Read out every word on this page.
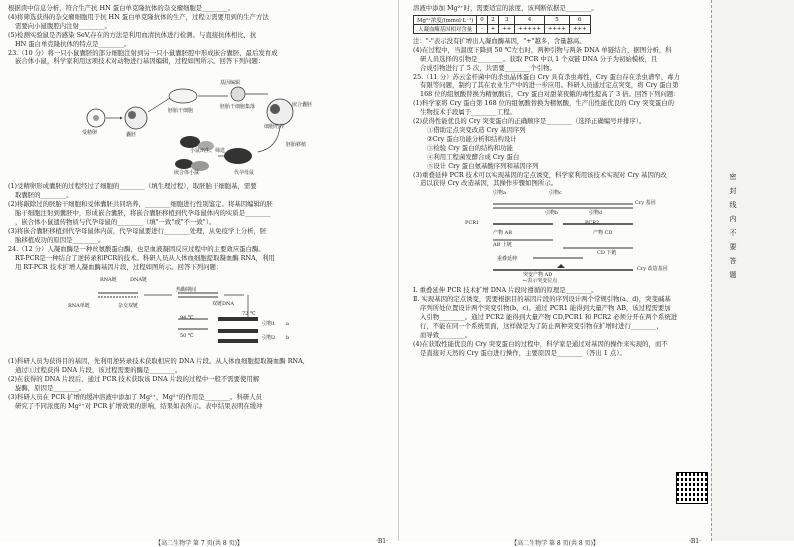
根据读中信息分析，符合生产抗 HN 蛋白单克隆抗体的杂交瘤细胞是________。

(4)将筛选获得的杂交瘤细胞用于抗 HN 蛋白单克隆抗体的生产，过程②需要用到的生产方法

需要向小鼠腹腔内注射________。

(5)检测实验鼠是否感染 SeV,存在的方法是利用血清抗体进行检测。与直接抗体相比，抗

HN 蛋白单克隆抗体的特点是________。

23.（10 分）将一只小鼠囊胚的部分细胞注射到另一只小鼠囊胚腔中形成嵌合囊胚，最后发育成

嵌合体小鼠，科学家利用这项技术对动物进行基因编辑，过程如图所示。回答下列问题：

受精卵	囊胚
胚胎干细胞
基因编辑
胚胎干细胞集落
细胞培养
嵌合囊胚
胚胎移植
小鼠出生、筛选
嵌合体小鼠	代孕母鼠

(1)受精卵形成囊胚的过程经过了细胞的________（填生理过程），取胚胎干细胞基，需要

取囊胚的________。

(2)将敲除过的胚胎干细胞和受体囊胚共同培养，________细胞进行性别鉴定。将基因编辑的胚

胎干细胞注射到囊胚中，形成嵌合囊胚，将嵌合囊胚移植到代孕母鼠体内的实质是________

，嵌合体小鼠遗传物质与代孕母鼠的________（填"一致"或"不一致"）。

(3)将嵌合囊胚移植到代孕母鼠体内前，代孕母鼠要进行________处理，从免疫学上分析，胚

胎移植成功的原因是________。

24.（12 分）人凝血酶是一种丝氨酸蛋白酶，也是血液凝固反应过程中的主要效应蛋白酶。

RT-PCR是一种结合了逆转录和PCR的技术。科研人员从人体血细胞提取凝血酶 RNA，利用

用 RT-PCR 技术扩增人凝血酶基因片段，过程如图所示。回答下列问题：

RNA链	DNA链
RNA单链	杂交双链
热酶期间
双链DNA
72 ℃
50 ℃
94 ℃
引物1
引物2
a
b

(1)科研人员为获得目的基因，先利用逆转录技术获取相应的 DNA 片段。从人体血细胞提取凝血酶 RNA,

通过①过程获得 DNA 片段，该过程需要的酶是________。

(2)在获得的 DNA 片段后，通过 PCR 技术获取该 DNA 片段的过程中一般不需要使用解

旋酶，原因是________。

(3)科研人员在 PCR 扩增的缓冲溶液中添加了 Mg²⁺，Mg²⁺的作用是________。科研人员

研究了不同浓度的 Mg²⁺对 PCR 扩增效果的影响，结果如表所示。表中结果表明在缓冲

【高二生物学 第 7 页(共 8 页)】	·B1·

溶液中添加 Mg²⁺时，需要适宜的浓度，该判断依据是________。

Mg²⁺浓度/(mmol·L⁻¹)	0	2	3	4	5	6
人凝血酶基因相对含量	-	+	++	+++++	++++	+++

注："-"表示没有扩增出人凝血酶基因，"+"越多，含量越高。

(4)在过程中，当温度下降到 50 ℃左右时，两种引物与两条 DNA 单链结合，据图分析，科

研人员选择的引物是________。获取 PCR 中以 1 个双链 DNA 分子为初始模板，且

合成引物进行了 5 次，共需要________个引物。

25.（11 分）苏云金杆菌中的杀虫晶体蛋白 Cry 具有杀虫毒性，Cry 蛋白存在杀虫谱窄、毒力

有限等问题，制约了其在农业生产中的进一步应用。科研人员通过定点突变，将 Cry 蛋白第

168 位的组氨酸替换为精氨酸后，Cry 蛋白对甜菜夜蛾的毒性提高了 3 倍。回答下列问题：

(1)科学家将 Cry 蛋白第 168 位的组氨酸替换为精氨酸，生产出性能优良的 Cry 突变蛋白的

生物技术手段属于________工程。

(2)获得性能优良的 Cry 突变蛋白的正确顺序是________（选择正确编号并排序）。

①借助定点突变改造 Cry 基因序列

②Cry 蛋白功能分析和结构设计

③检验 Cry 蛋白的结构和功能

④利用工程菌发酵合成 Cry 蛋白

⑤设计 Cry 蛋白氨基酸序列和基因序列

(3)重叠延伸 PCR 技术可以实现基因的定点诱变，科学家利用该技术实现对 Cry 基因的改

造以获得 Cry 改造基因，其操作步骤如图所示。

引物a	引物c
引物d
引物b
Cry 基因
PCR1	PCR2
产物 AB	产物 CD
AB 上链
CD 下链
重叠延伸
Cry 改造基因
突变产物 AD
←表示突变位点

Ⅰ. 重叠延伸 PCR 技术扩增 DNA 片段时遵循的原理是________。

Ⅱ. 实现基因的定点诱变，需要根据目的基因片段的序列设计两个常规引物(a、d)，突变碱基

序列所处位置设计两个突变引物(b、c)。通过 PCR1 能得到大量产物 AB，该过程需要加

入引物________。通过 PCR2 能得到大量产物 CD,PCR1 和 PCR2 必须分开在两个系统进

行，不能在同一个系统里面，这样做是为了防止两种突变引物在扩增时进行________，

而导致________。

(4)在获取性能优良的 Cry 突变蛋白的过程中，科学家是通过对基因的操作来实现的，而不

是直接对天然的 Cry 蛋白进行操作，主要原因是________（答出 1 点）。

【高二生物学 第 8 页(共 8 页)】	·B1·
密
封
线
内
不
要
答
题
